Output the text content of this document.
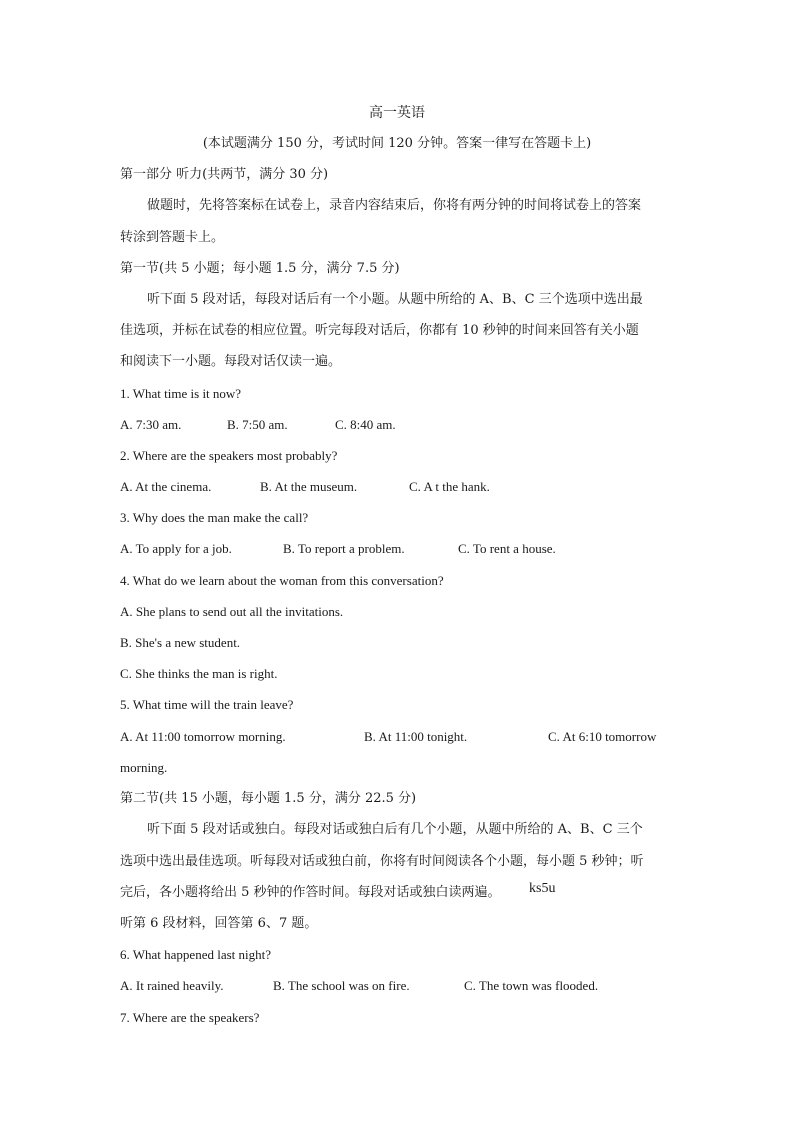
高一英语
(本试题满分 150 分，考试时间 120 分钟。答案一律写在答题卡上)
第一部分 听力(共两节，满分 30 分)
做题时，先将答案标在试卷上，录音内容结束后，你将有两分钟的时间将试卷上的答案
转涂到答题卡上。
第一节(共 5 小题；每小题 1.5 分，满分 7.5 分)
听下面 5 段对话，每段对话后有一个小题。从题中所给的 A、B、C 三个选项中选出最
佳选项，并标在试卷的相应位置。听完每段对话后，你都有 10 秒钟的时间来回答有关小题
和阅读下一小题。每段对话仅读一遍。
1. What time is it now?
A. 7:30 am.	B. 7:50 am.	C. 8:40 am.
2. Where are the speakers most probably?
A. At the cinema.	B. At the museum.	C. A t the hank.
3. Why does the man make the call?
A. To apply for a job.	B. To report a problem.	C. To rent a house.
4. What do we learn about the woman from this conversation?
A. She plans to send out all the invitations.
B. She's a new student.
C. She thinks the man is right.
5. What time will the train leave?
A. At 11:00 tomorrow morning.	B. At 11:00 tonight.	C. At 6:10 tomorrow
morning.
第二节(共 15 小题，每小题 1.5 分，满分 22.5 分)
听下面 5 段对话或独白。每段对话或独白后有几个小题，从题中所给的 A、B、C 三个
选项中选出最佳选项。听每段对话或独白前，你将有时间阅读各个小题，每小题 5 秒钟；听
完后，各小题将给出 5 秒钟的作答时间。每段对话或独白读两遍。 ks5u
听第 6 段材料，回答第 6、7 题。
6. What happened last night?
A. It rained heavily.	B. The school was on fire.	C. The town was flooded.
7. Where are the speakers?
